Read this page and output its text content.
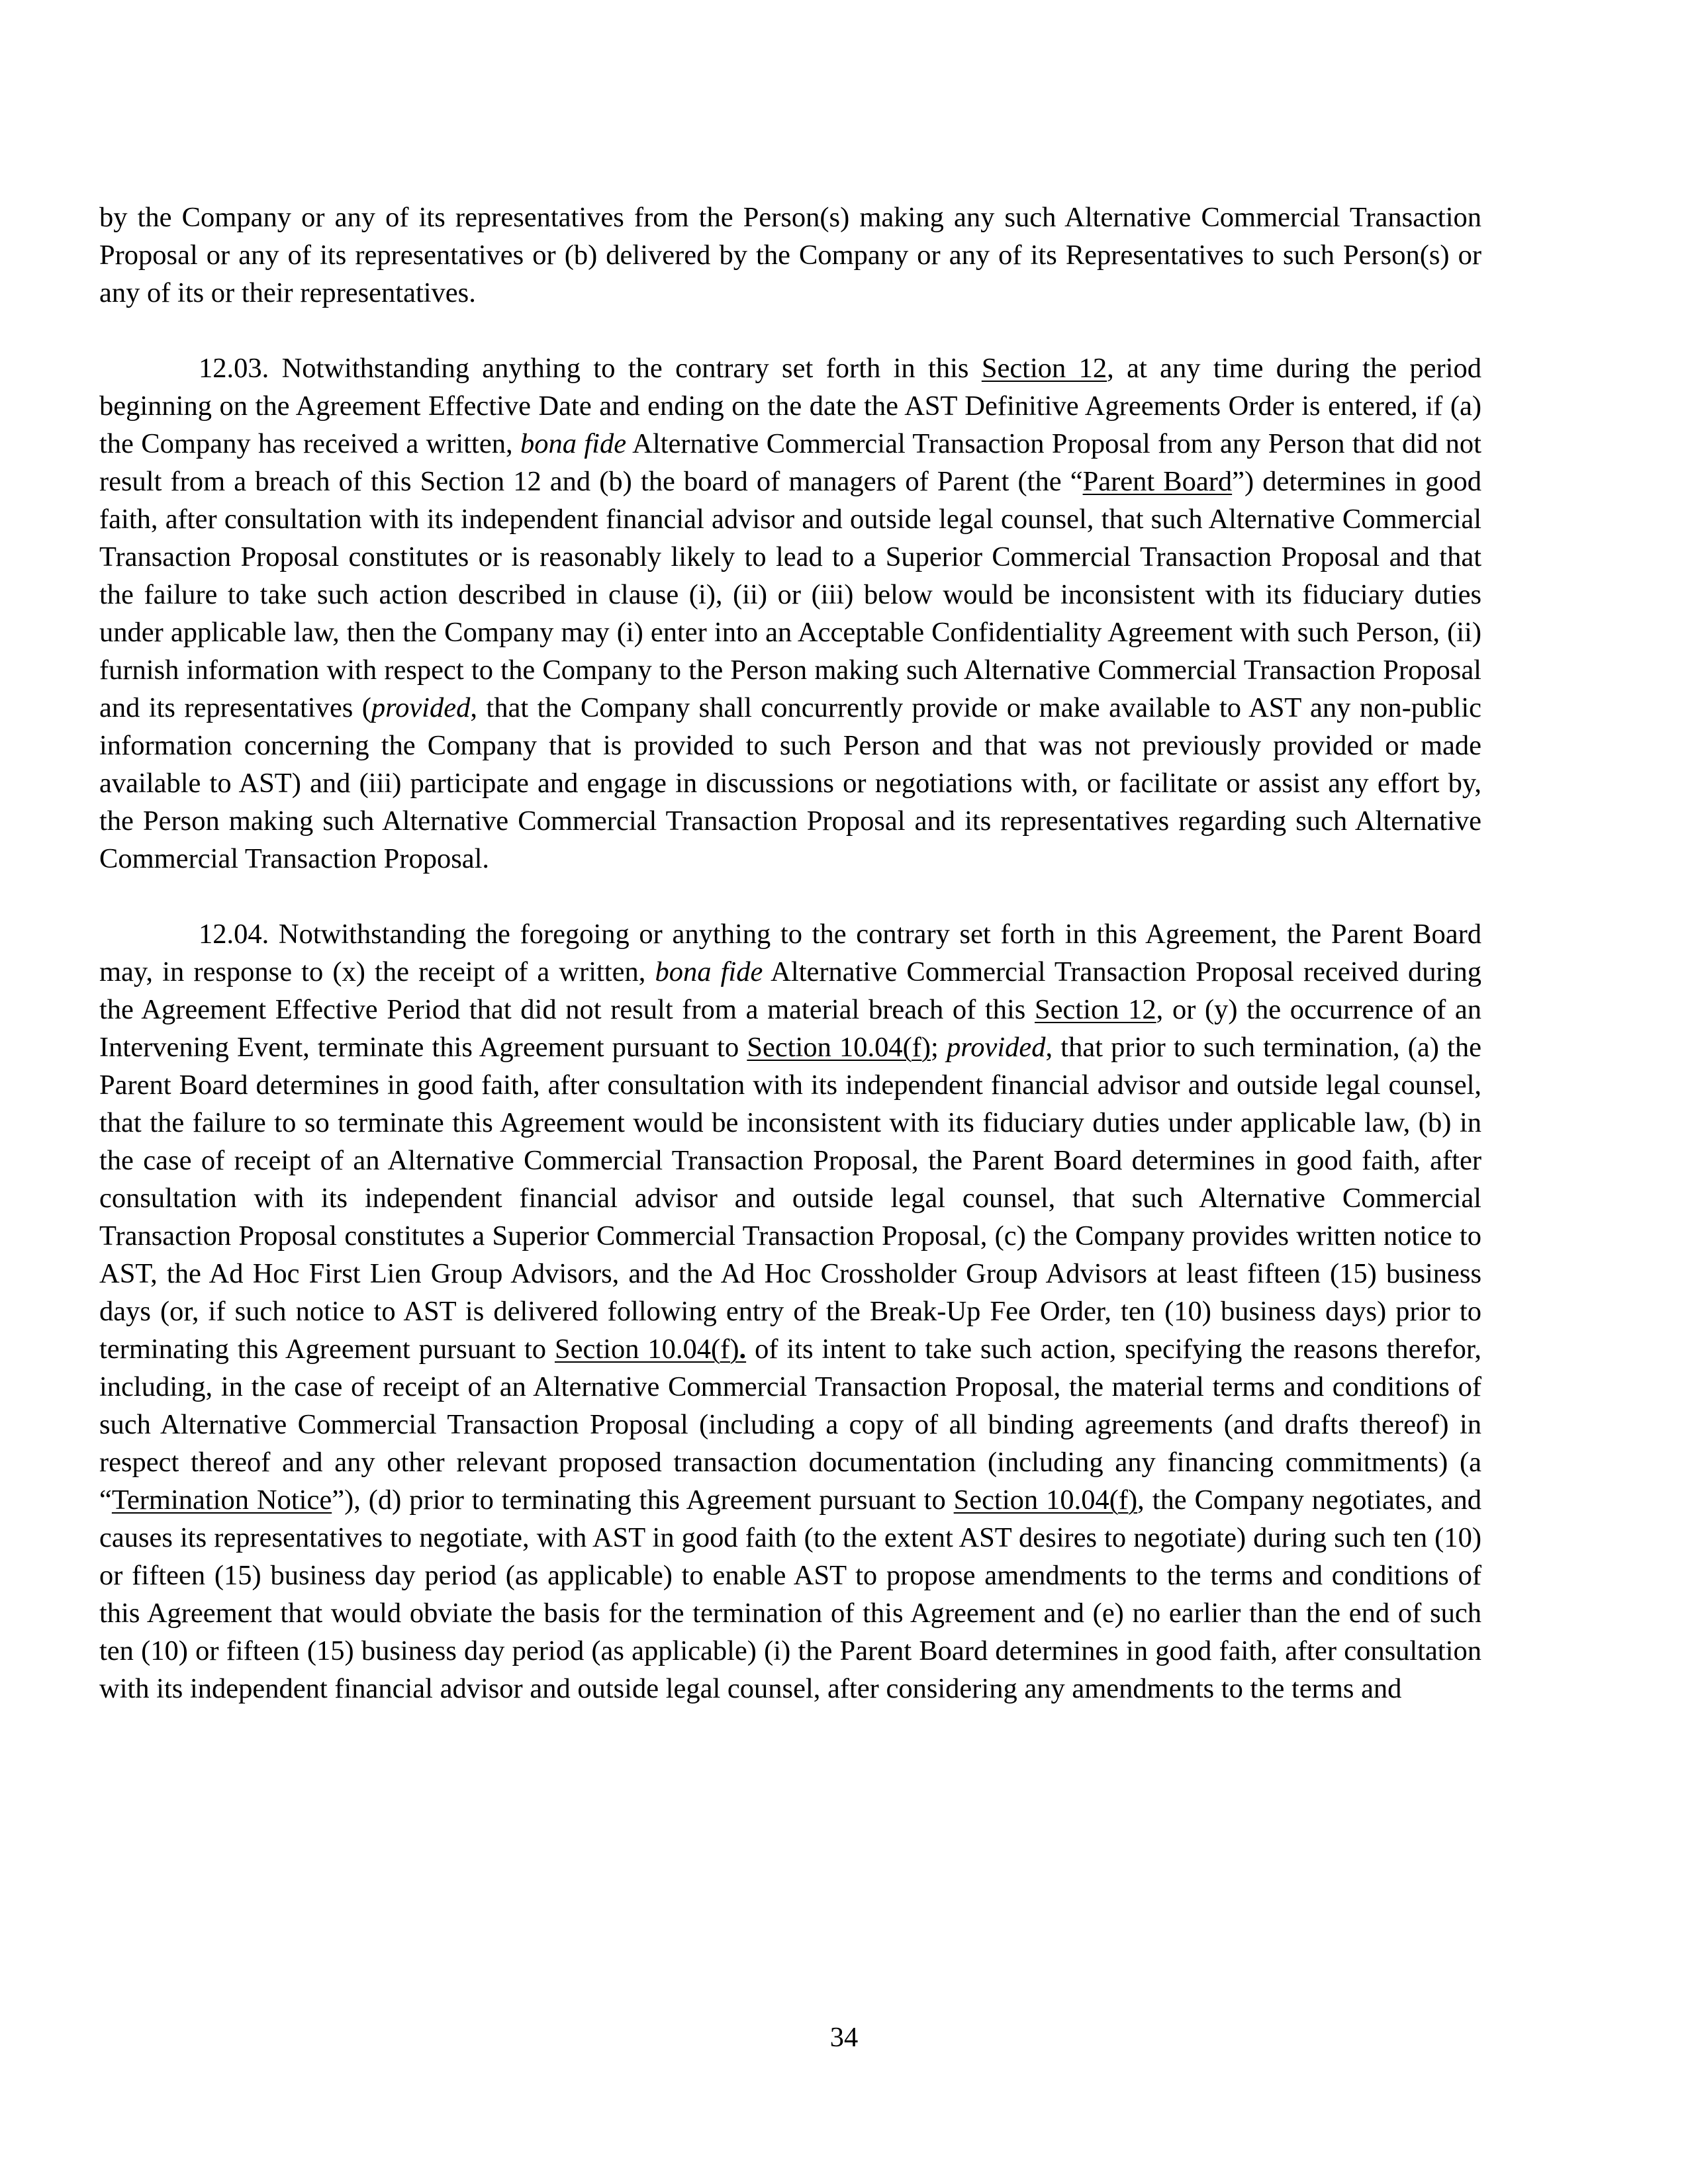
by the Company or any of its representatives from the Person(s) making any such Alternative Commercial Transaction Proposal or any of its representatives or (b) delivered by the Company or any of its Representatives to such Person(s) or any of its or their representatives.

12.03. Notwithstanding anything to the contrary set forth in this Section 12, at any time during the period beginning on the Agreement Effective Date and ending on the date the AST Definitive Agreements Order is entered, if (a) the Company has received a written, bona fide Alternative Commercial Transaction Proposal from any Person that did not result from a breach of this Section 12 and (b) the board of managers of Parent (the “Parent Board”) determines in good faith, after consultation with its independent financial advisor and outside legal counsel, that such Alternative Commercial Transaction Proposal constitutes or is reasonably likely to lead to a Superior Commercial Transaction Proposal and that the failure to take such action described in clause (i), (ii) or (iii) below would be inconsistent with its fiduciary duties under applicable law, then the Company may (i) enter into an Acceptable Confidentiality Agreement with such Person, (ii) furnish information with respect to the Company to the Person making such Alternative Commercial Transaction Proposal and its representatives (provided, that the Company shall concurrently provide or make available to AST any non-public information concerning the Company that is provided to such Person and that was not previously provided or made available to AST) and (iii) participate and engage in discussions or negotiations with, or facilitate or assist any effort by, the Person making such Alternative Commercial Transaction Proposal and its representatives regarding such Alternative Commercial Transaction Proposal.

12.04. Notwithstanding the foregoing or anything to the contrary set forth in this Agreement, the Parent Board may, in response to (x) the receipt of a written, bona fide Alternative Commercial Transaction Proposal received during the Agreement Effective Period that did not result from a material breach of this Section 12, or (y) the occurrence of an Intervening Event, terminate this Agreement pursuant to Section 10.04(f); provided, that prior to such termination, (a) the Parent Board determines in good faith, after consultation with its independent financial advisor and outside legal counsel, that the failure to so terminate this Agreement would be inconsistent with its fiduciary duties under applicable law, (b) in the case of receipt of an Alternative Commercial Transaction Proposal, the Parent Board determines in good faith, after consultation with its independent financial advisor and outside legal counsel, that such Alternative Commercial Transaction Proposal constitutes a Superior Commercial Transaction Proposal, (c) the Company provides written notice to AST, the Ad Hoc First Lien Group Advisors, and the Ad Hoc Crossholder Group Advisors at least fifteen (15) business days (or, if such notice to AST is delivered following entry of the Break-Up Fee Order, ten (10) business days) prior to terminating this Agreement pursuant to Section 10.04(f). of its intent to take such action, specifying the reasons therefor, including, in the case of receipt of an Alternative Commercial Transaction Proposal, the material terms and conditions of such Alternative Commercial Transaction Proposal (including a copy of all binding agreements (and drafts thereof) in respect thereof and any other relevant proposed transaction documentation (including any financing commitments) (a “Termination Notice”), (d) prior to terminating this Agreement pursuant to Section 10.04(f), the Company negotiates, and causes its representatives to negotiate, with AST in good faith (to the extent AST desires to negotiate) during such ten (10) or fifteen (15) business day period (as applicable) to enable AST to propose amendments to the terms and conditions of this Agreement that would obviate the basis for the termination of this Agreement and (e) no earlier than the end of such ten (10) or fifteen (15) business day period (as applicable) (i) the Parent Board determines in good faith, after consultation with its independent financial advisor and outside legal counsel, after considering any amendments to the terms and

34
